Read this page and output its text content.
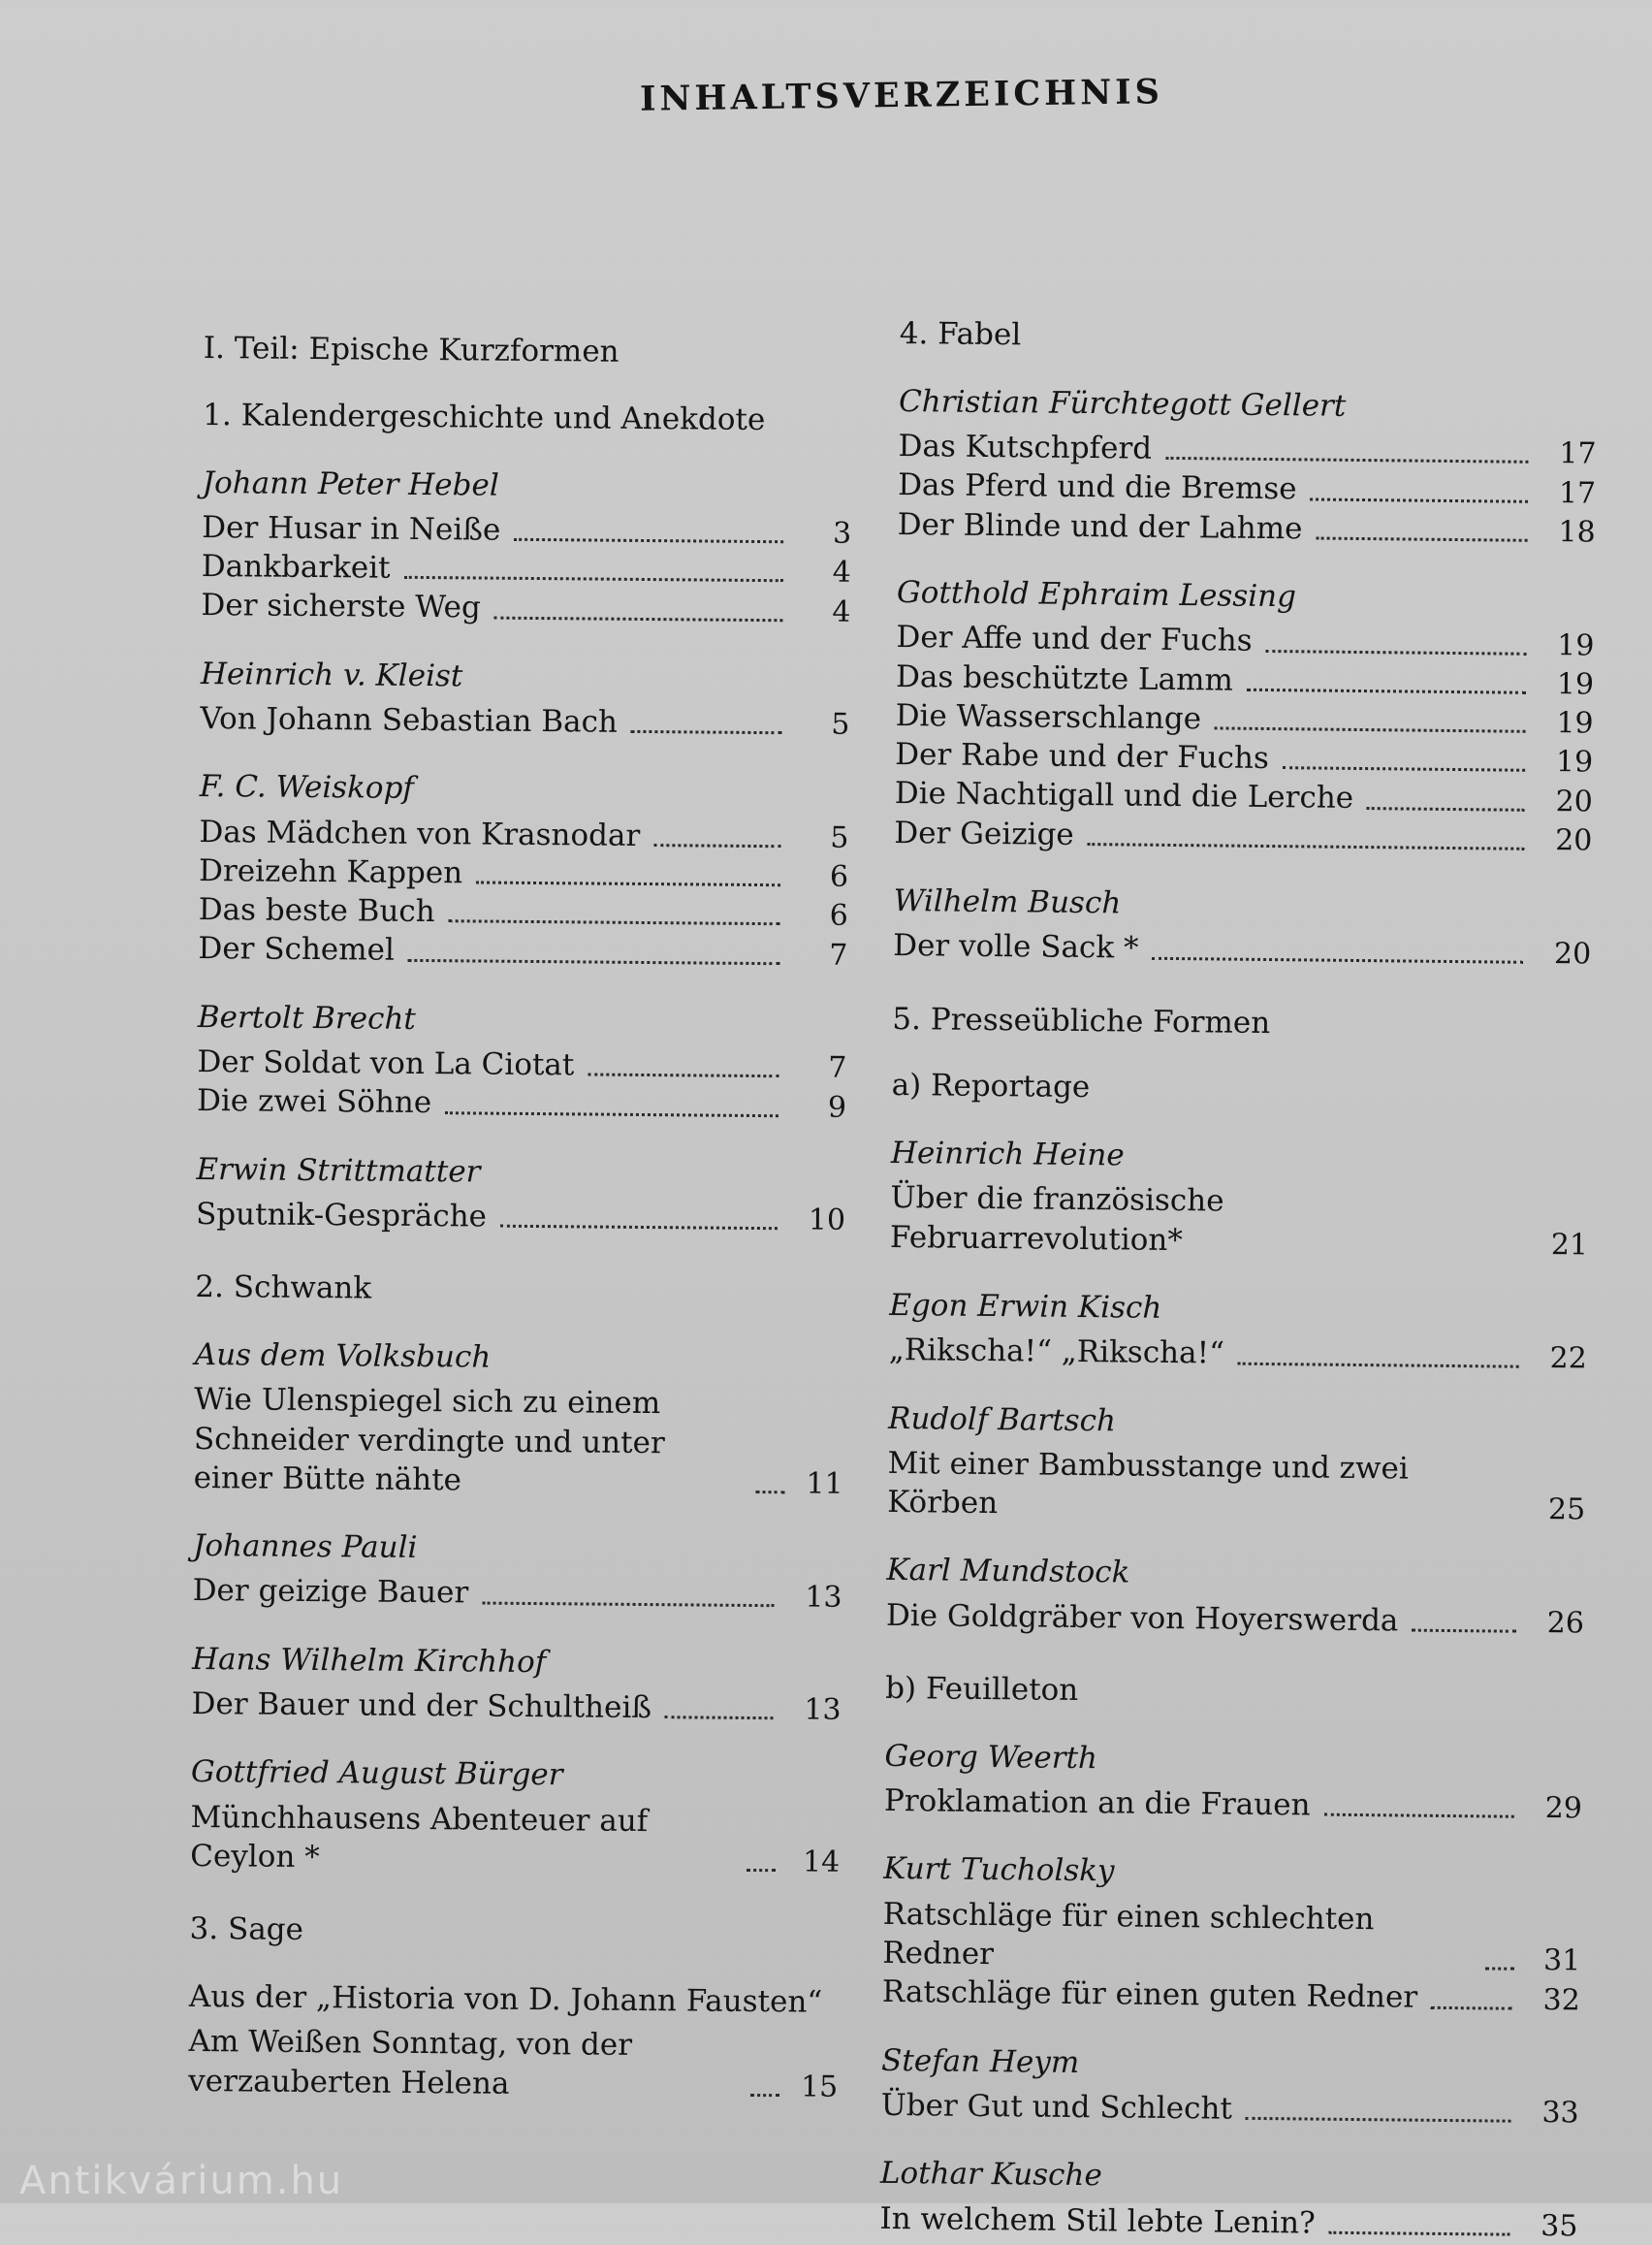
INHALTSVERZEICHNIS
I. Teil: Epische Kurzformen
1. Kalendergeschichte und Anekdote
Johann Peter Hebel
Der Husar in Neiße	3
Dankbarkeit	4
Der sicherste Weg	4
Heinrich v. Kleist
Von Johann Sebastian Bach	5
F. C. Weiskopf
Das Mädchen von Krasnodar	5
Dreizehn Kappen	6
Das beste Buch	6
Der Schemel	7
Bertolt Brecht
Der Soldat von La Ciotat	7
Die zwei Söhne	9
Erwin Strittmatter
Sputnik-Gespräche	10
2. Schwank
Aus dem Volksbuch
Wie Ulenspiegel sich zu einem Schneider verdingte und unter einer Bütte nähte	11
Johannes Pauli
Der geizige Bauer	13
Hans Wilhelm Kirchhof
Der Bauer und der Schultheiß	13
Gottfried August Bürger
Münchhausens Abenteuer auf Ceylon *	14
3. Sage
Aus der „Historia von D. Johann Fausten“
Am Weißen Sonntag, von der verzauberten Helena	15
4. Fabel
Christian Fürchtegott Gellert
Das Kutschpferd	17
Das Pferd und die Bremse	17
Der Blinde und der Lahme	18
Gotthold Ephraim Lessing
Der Affe und der Fuchs	19
Das beschützte Lamm	19
Die Wasserschlange	19
Der Rabe und der Fuchs	19
Die Nachtigall und die Lerche	20
Der Geizige	20
Wilhelm Busch
Der volle Sack *	20
5. Presseübliche Formen
a) Reportage
Heinrich Heine
Über die französische Februarrevolution*	21
Egon Erwin Kisch
„Rikscha!“ „Rikscha!“	22
Rudolf Bartsch
Mit einer Bambusstange und zwei Körben	25
Karl Mundstock
Die Goldgräber von Hoyerswerda	26
b) Feuilleton
Georg Weerth
Proklamation an die Frauen	29
Kurt Tucholsky
Ratschläge für einen schlechten Redner	31
Ratschläge für einen guten Redner	32
Stefan Heym
Über Gut und Schlecht	33
Lothar Kusche
In welchem Stil lebte Lenin?	35
Antikvárium.hu
